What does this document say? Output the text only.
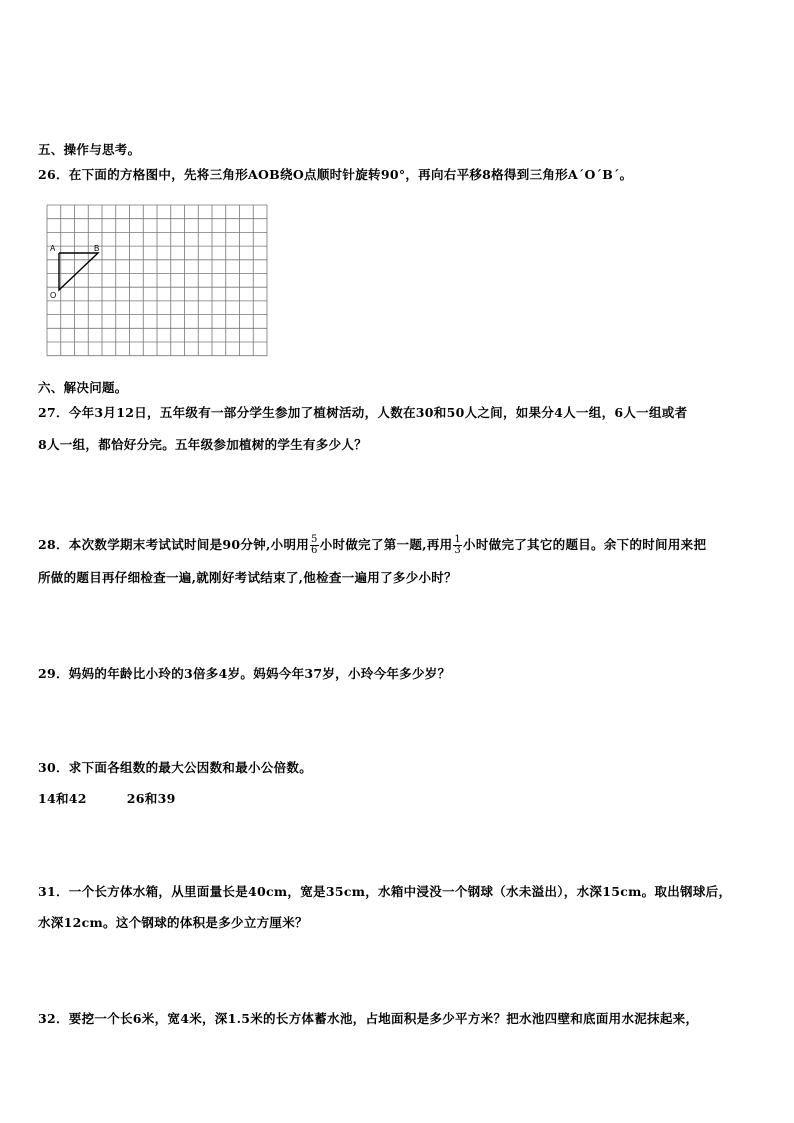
五、操作与思考。
26．在下面的方格图中，先将三角形AOB绕O点顺时针旋转90°，再向右平移8格得到三角形A´O´B´。
A	B
O
六、解决问题。
27．今年3月12日，五年级有一部分学生参加了植树活动，人数在30和50人之间，如果分4人一组，6人一组或者
8人一组，都恰好分完。五年级参加植树的学生有多少人？
28．本次数学期末考试试时间是90分钟,小明用 $\frac{5}{6}$ 小时做完了第一题,再用 $\frac{1}{3}$ 小时做完了其它的题目。余下的时间用来把
所做的题目再仔细检查一遍,就刚好考试结束了,他检查一遍用了多少小时？
29．妈妈的年龄比小玲的3倍多4岁。妈妈今年37岁，小玲今年多少岁？
30．求下面各组数的最大公因数和最小公倍数。
14和42	26和39
31．一个长方体水箱，从里面量长是40cm，宽是35cm，水箱中浸没一个钢球（水未溢出），水深15cm。取出钢球后，
水深12cm。这个钢球的体积是多少立方厘米？
32．要挖一个长6米，宽4米，深1.5米的长方体蓄水池，占地面积是多少平方米？把水池四壁和底面用水泥抹起来，
